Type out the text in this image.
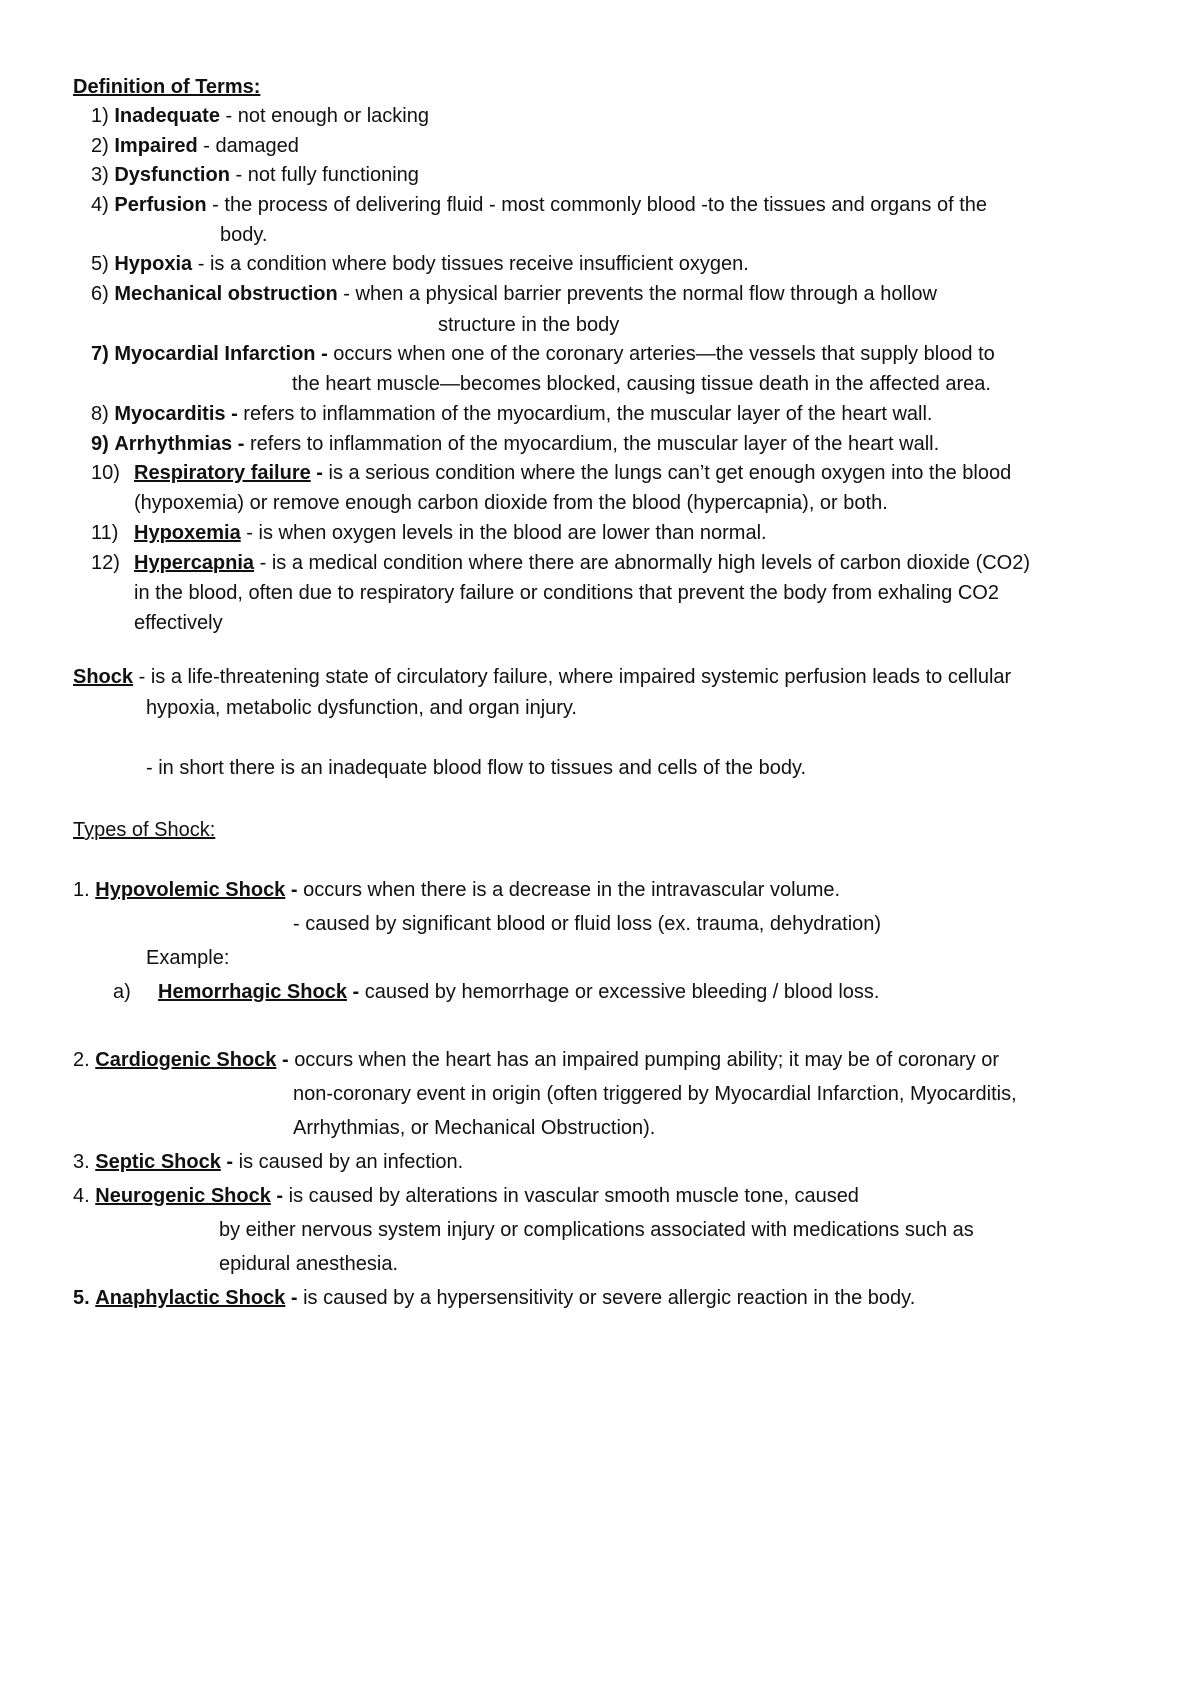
Definition of Terms:
1) Inadequate - not enough or lacking
2) Impaired - damaged
3) Dysfunction - not fully functioning
4) Perfusion - the process of delivering fluid - most commonly blood -to the tissues and organs of the
body.
5) Hypoxia - is a condition where body tissues receive insufficient oxygen.
6) Mechanical obstruction - when a physical barrier prevents the normal flow through a hollow
structure in the body
7) Myocardial Infarction - occurs when one of the coronary arteries—the vessels that supply blood to
the heart muscle—becomes blocked, causing tissue death in the affected area.
8) Myocarditis - refers to inflammation of the myocardium, the muscular layer of the heart wall.
9) Arrhythmias - refers to inflammation of the myocardium, the muscular layer of the heart wall.
10) Respiratory failure - is a serious condition where the lungs can’t get enough oxygen into the blood
(hypoxemia) or remove enough carbon dioxide from the blood (hypercapnia), or both.
11) Hypoxemia - is when oxygen levels in the blood are lower than normal.
12) Hypercapnia - is a medical condition where there are abnormally high levels of carbon dioxide (CO2)
in the blood, often due to respiratory failure or conditions that prevent the body from exhaling CO2
effectively
Shock - is a life-threatening state of circulatory failure, where impaired systemic perfusion leads to cellular
hypoxia, metabolic dysfunction, and organ injury.
- in short there is an inadequate blood flow to tissues and cells of the body.
Types of Shock:
1. Hypovolemic Shock - occurs when there is a decrease in the intravascular volume.
- caused by significant blood or fluid loss (ex. trauma, dehydration)
Example:
a) Hemorrhagic Shock - caused by hemorrhage or excessive bleeding / blood loss.
2. Cardiogenic Shock - occurs when the heart has an impaired pumping ability; it may be of coronary or
non-coronary event in origin (often triggered by Myocardial Infarction, Myocarditis,
Arrhythmias, or Mechanical Obstruction).
3. Septic Shock - is caused by an infection.
4. Neurogenic Shock - is caused by alterations in vascular smooth muscle tone, caused
by either nervous system injury or complications associated with medications such as
epidural anesthesia.
5. Anaphylactic Shock - is caused by a hypersensitivity or severe allergic reaction in the body.
